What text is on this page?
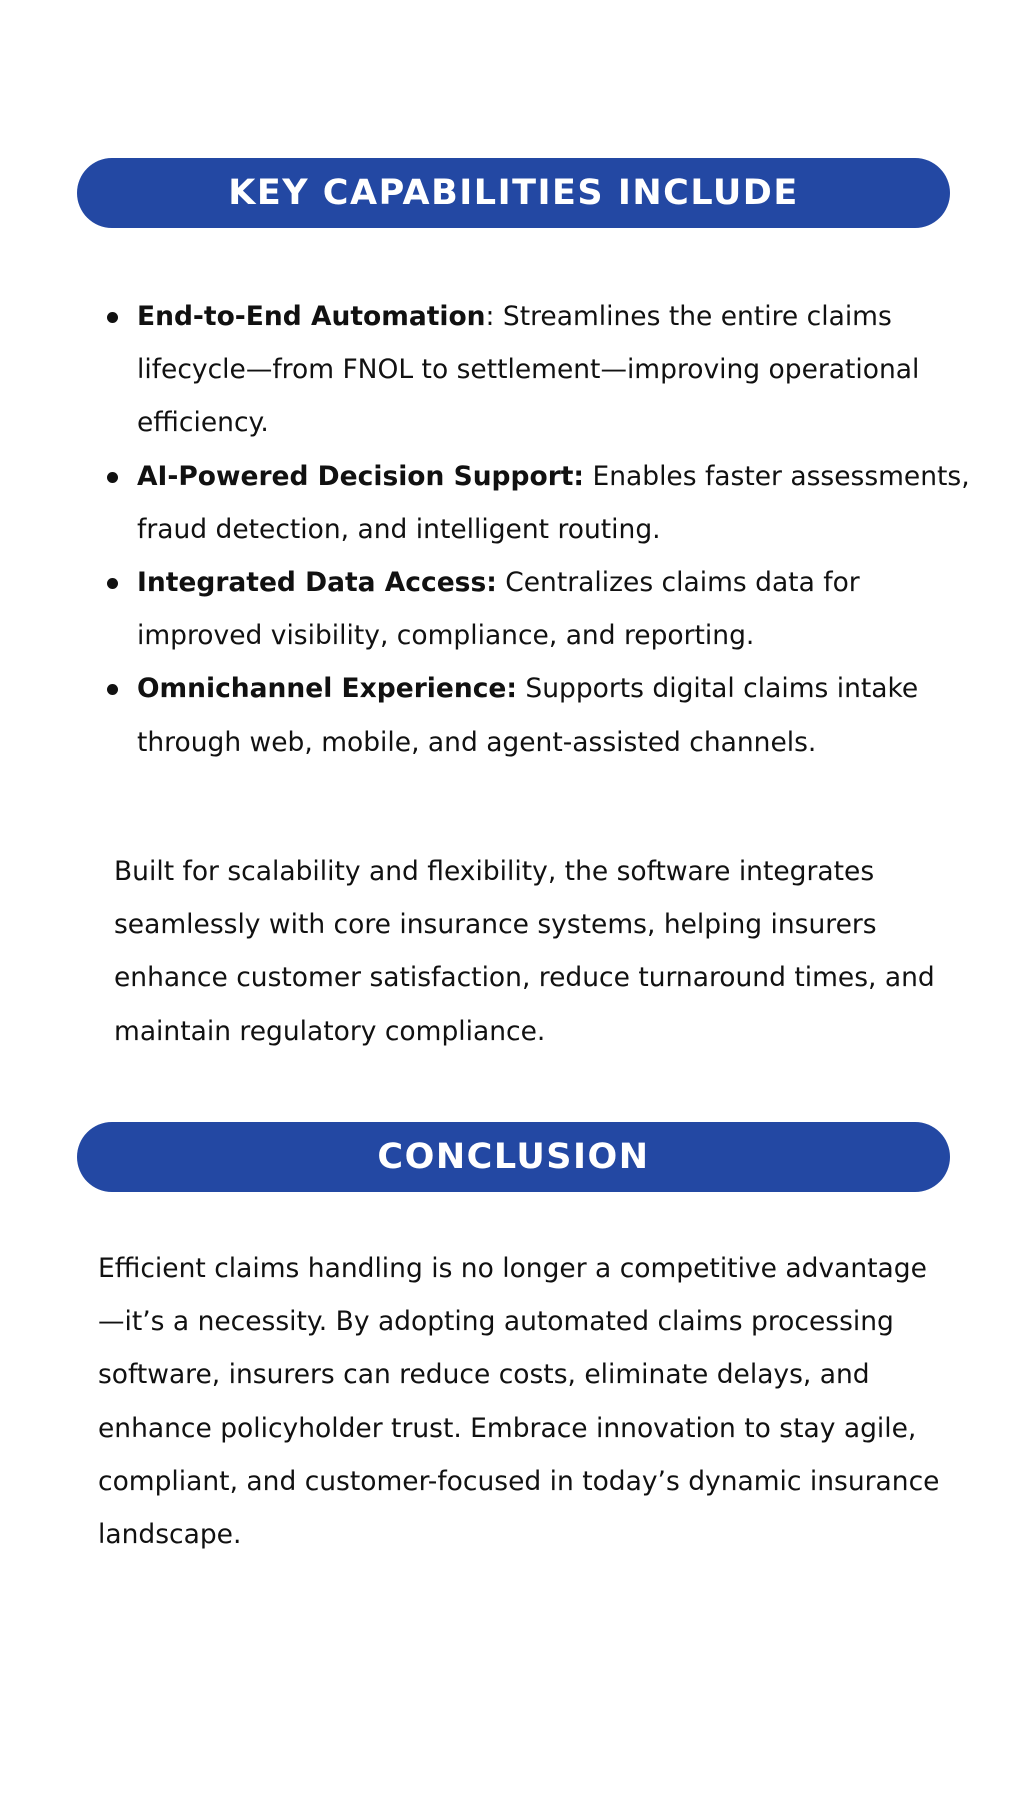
KEY CAPABILITIES INCLUDE
End-to-End Automation: Streamlines the entire claims lifecycle—from FNOL to settlement—improving operational efficiency.
AI-Powered Decision Support: Enables faster assessments, fraud detection, and intelligent routing.
Integrated Data Access: Centralizes claims data for improved visibility, compliance, and reporting.
Omnichannel Experience: Supports digital claims intake through web, mobile, and agent-assisted channels.

Built for scalability and flexibility, the software integrates seamlessly with core insurance systems, helping insurers enhance customer satisfaction, reduce turnaround times, and maintain regulatory compliance.

CONCLUSION

Efficient claims handling is no longer a competitive advantage—it’s a necessity. By adopting automated claims processing software, insurers can reduce costs, eliminate delays, and enhance policyholder trust. Embrace innovation to stay agile, compliant, and customer-focused in today’s dynamic insurance landscape.
